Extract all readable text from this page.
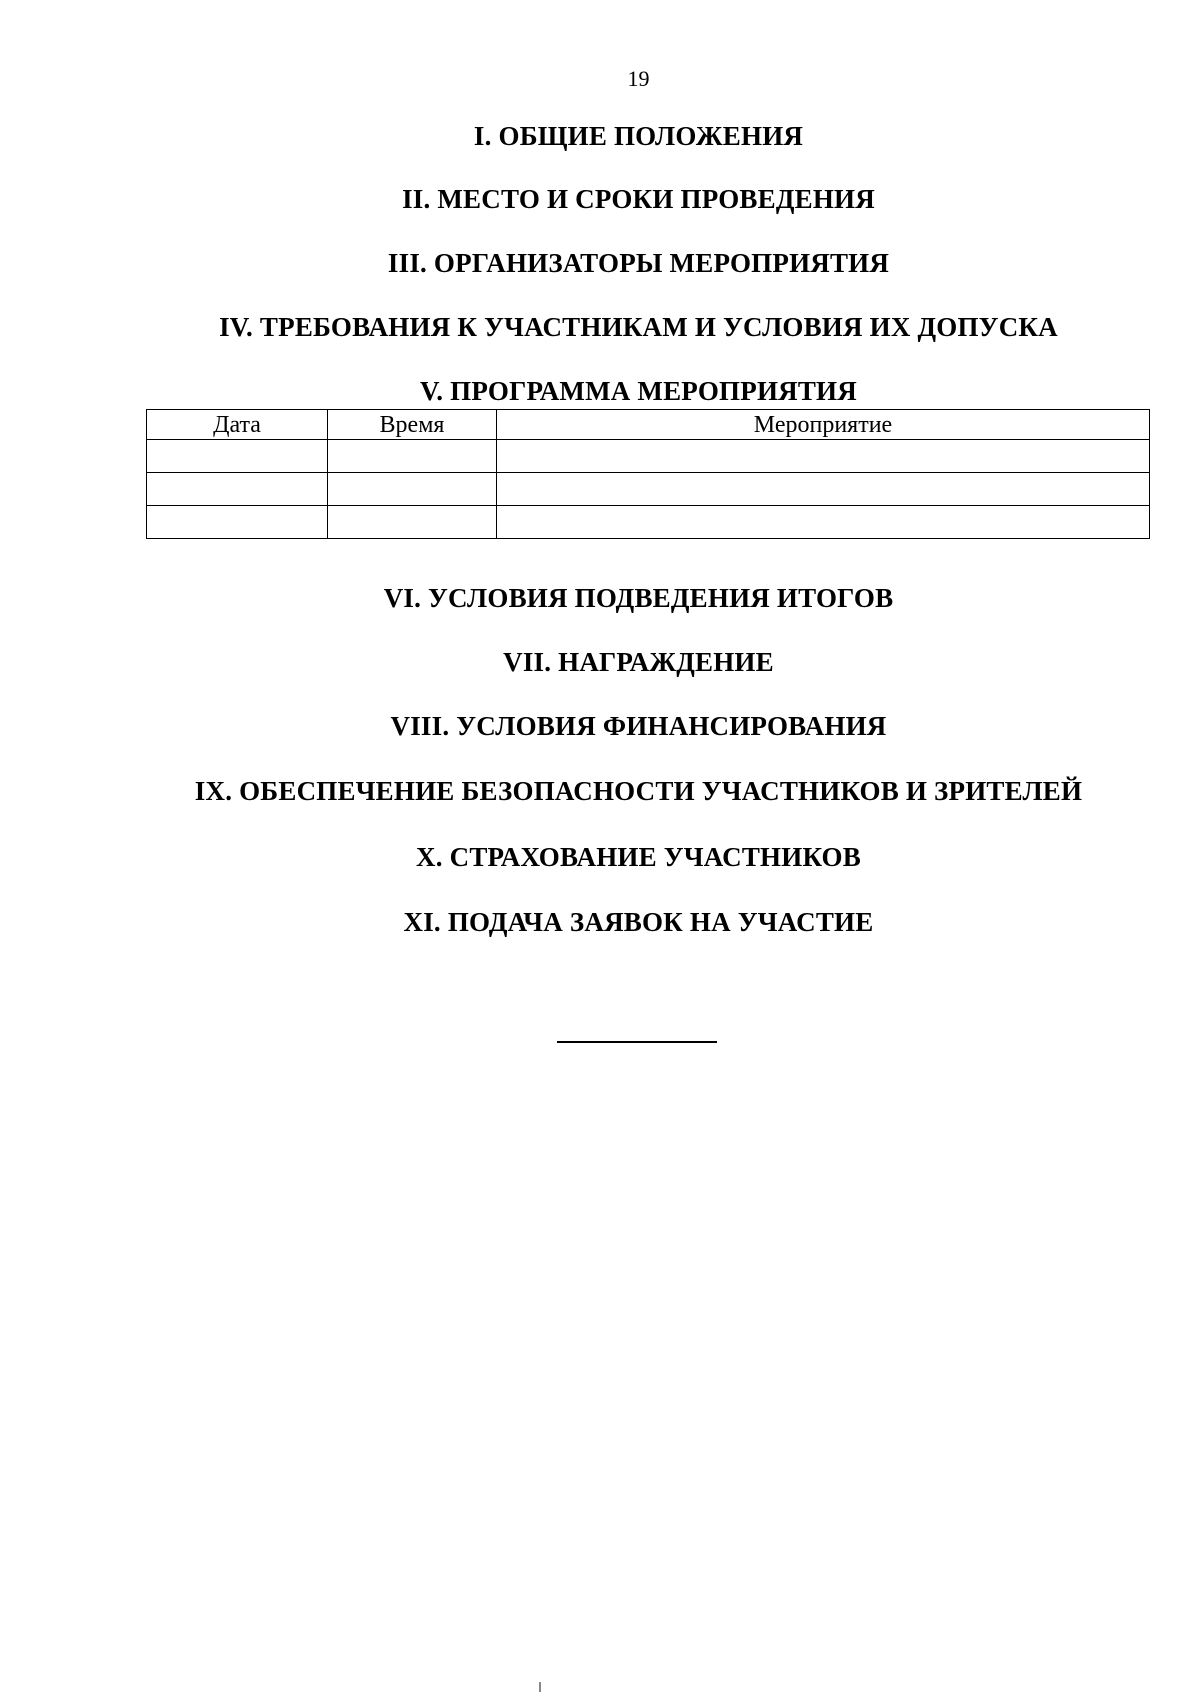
19
I. ОБЩИЕ ПОЛОЖЕНИЯ
II. МЕСТО И СРОКИ ПРОВЕДЕНИЯ
III. ОРГАНИЗАТОРЫ МЕРОПРИЯТИЯ
IV. ТРЕБОВАНИЯ К УЧАСТНИКАМ И УСЛОВИЯ ИХ ДОПУСКА
V. ПРОГРАММА МЕРОПРИЯТИЯ
Дата	Время	Мероприятие

VI. УСЛОВИЯ ПОДВЕДЕНИЯ ИТОГОВ
VII. НАГРАЖДЕНИЕ
VIII. УСЛОВИЯ ФИНАНСИРОВАНИЯ
IX. ОБЕСПЕЧЕНИЕ БЕЗОПАСНОСТИ УЧАСТНИКОВ И ЗРИТЕЛЕЙ
X. СТРАХОВАНИЕ УЧАСТНИКОВ
XI. ПОДАЧА ЗАЯВОК НА УЧАСТИЕ
